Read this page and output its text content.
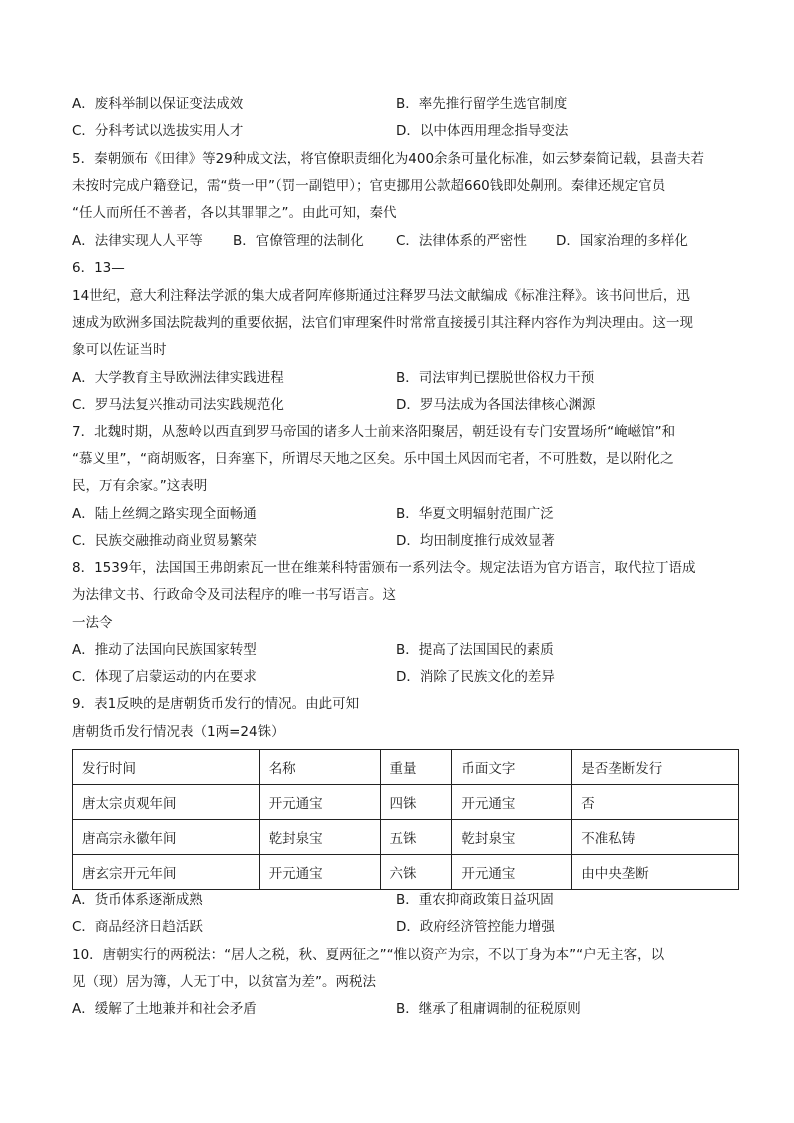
A．废科举制以保证变法成效	B．率先推行留学生选官制度
C．分科考试以选拔实用人才	D．以中体西用理念指导变法
5．秦朝颁布《田律》等29种成文法，将官僚职责细化为400余条可量化标准，如云梦秦简记载，县啬夫若
未按时完成户籍登记，需“赀一甲”（罚一副铠甲）；官吏挪用公款超660钱即处劓刑。秦律还规定官员
“任人而所任不善者，各以其罪罪之”。由此可知，秦代
A．法律实现人人平等 B．官僚管理的法制化 C．法律体系的严密性 D．国家治理的多样化
6．13—
14世纪，意大利注释法学派的集大成者阿库修斯通过注释罗马法文献编成《标准注释》。该书问世后，迅
速成为欧洲多国法院裁判的重要依据，法官们审理案件时常常直接援引其注释内容作为判决理由。这一现
象可以佐证当时
A．大学教育主导欧洲法律实践进程	B．司法审判已摆脱世俗权力干预
C．罗马法复兴推动司法实践规范化	D．罗马法成为各国法律核心渊源
7．北魏时期，从葱岭以西直到罗马帝国的诸多人士前来洛阳聚居，朝廷设有专门安置场所“崦嵫馆”和
“慕义里”，“商胡贩客，日奔塞下，所谓尽天地之区矣。乐中国土风因而宅者，不可胜数，是以附化之
民，万有余家。”这表明
A．陆上丝绸之路实现全面畅通	B．华夏文明辐射范围广泛
C．民族交融推动商业贸易繁荣	D．均田制度推行成效显著
8．1539年，法国国王弗朗索瓦一世在维莱科特雷颁布一系列法令。规定法语为官方语言，取代拉丁语成
为法律文书、行政命令及司法程序的唯一书写语言。这
一法令
A．推动了法国向民族国家转型	B．提高了法国国民的素质
C．体现了启蒙运动的内在要求	D．消除了民族文化的差异
9．表1反映的是唐朝货币发行的情况。由此可知
唐朝货币发行情况表（1两=24铢）
发行时间	名称	重量	币面文字	是否垄断发行
唐太宗贞观年间	开元通宝	四铢	开元通宝	否
唐高宗永徽年间	乾封泉宝	五铢	乾封泉宝	不准私铸
唐玄宗开元年间	开元通宝	六铢	开元通宝	由中央垄断
A．货币体系逐渐成熟	B．重农抑商政策日益巩固
C．商品经济日趋活跃	D．政府经济管控能力增强
10．唐朝实行的两税法：“居人之税，秋、夏两征之”“惟以资产为宗，不以丁身为本”“户无主客，以
见（现）居为簿，人无丁中，以贫富为差”。两税法
A．缓解了土地兼并和社会矛盾	B．继承了租庸调制的征税原则
